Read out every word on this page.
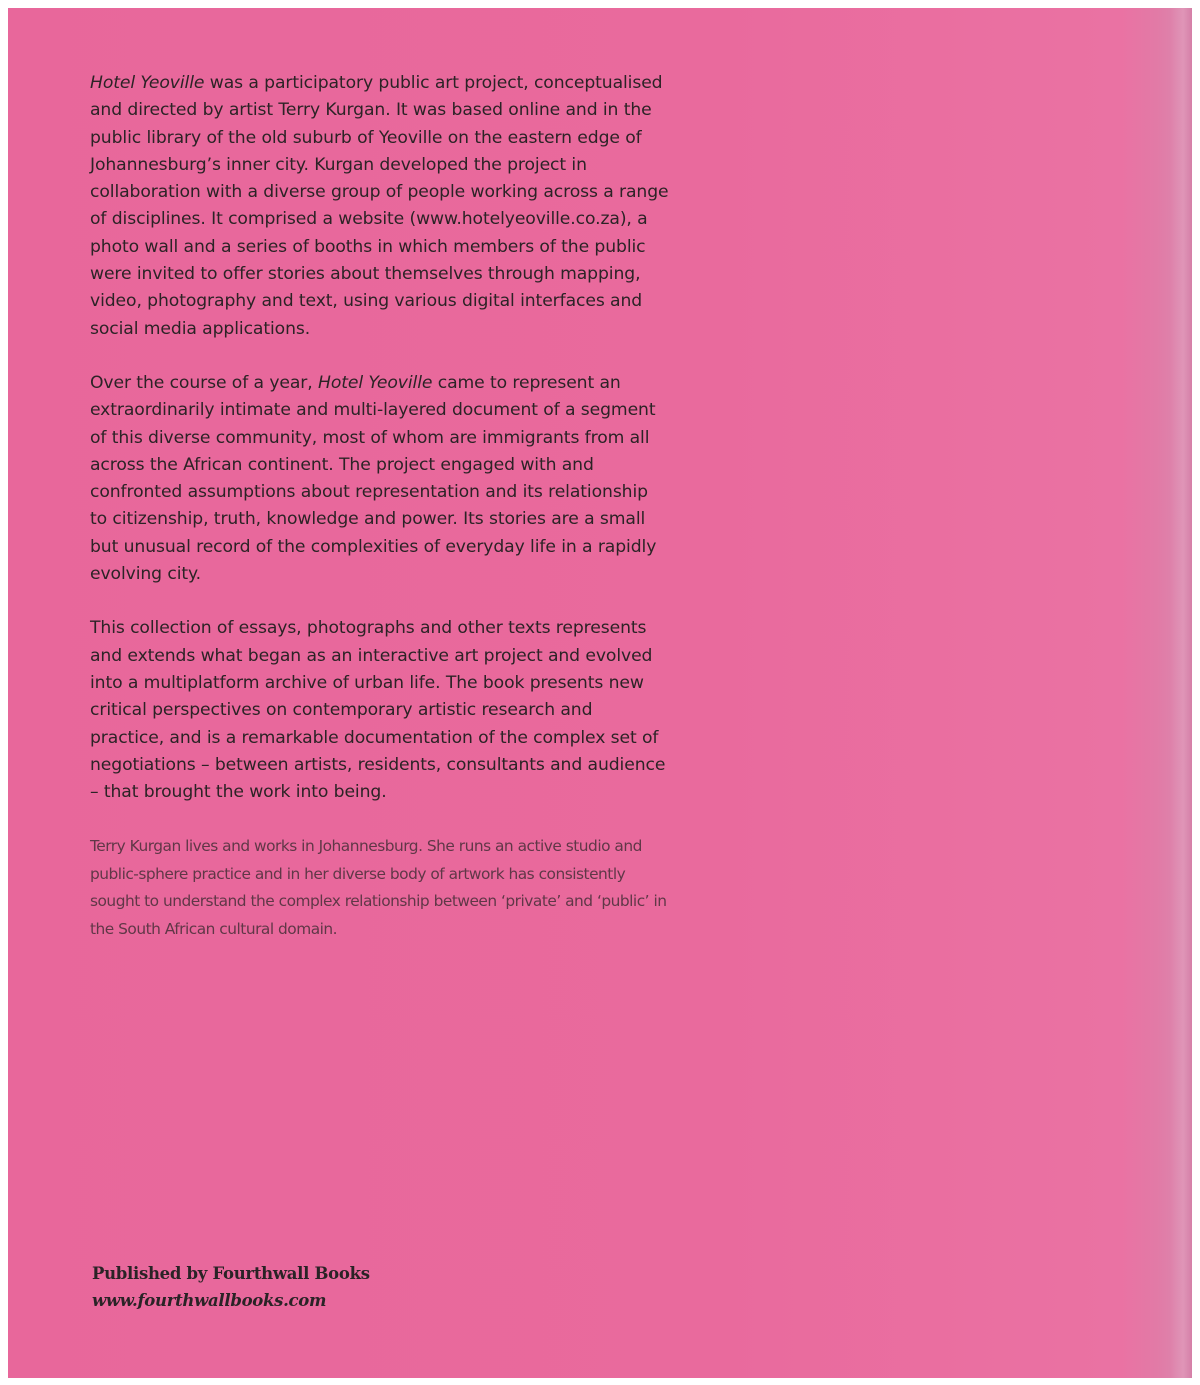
Hotel Yeoville was a participatory public art project, conceptualised and directed by artist Terry Kurgan. It was based online and in the public library of the old suburb of Yeoville on the eastern edge of Johannesburg’s inner city. Kurgan developed the project in collaboration with a diverse group of people working across a range of disciplines. It comprised a website (www.hotelyeoville.co.za), a photo wall and a series of booths in which members of the public were invited to offer stories about themselves through mapping, video, photography and text, using various digital interfaces and social media applications.

Over the course of a year, Hotel Yeoville came to represent an extraordinarily intimate and multi-layered document of a segment of this diverse community, most of whom are immigrants from all across the African continent. The project engaged with and confronted assumptions about representation and its relationship to citizenship, truth, knowledge and power. Its stories are a small but unusual record of the complexities of everyday life in a rapidly evolving city.

This collection of essays, photographs and other texts represents and extends what began as an interactive art project and evolved into a multiplatform archive of urban life. The book presents new critical perspectives on contemporary artistic research and practice, and is a remarkable documentation of the complex set of negotiations – between artists, residents, consultants and audience – that brought the work into being.

Terry Kurgan lives and works in Johannesburg. She runs an active studio and public-sphere practice and in her diverse body of artwork has consistently sought to understand the complex relationship between ‘private’ and ‘public’ in the South African cultural domain.

Published by Fourthwall Books
www.fourthwallbooks.com
